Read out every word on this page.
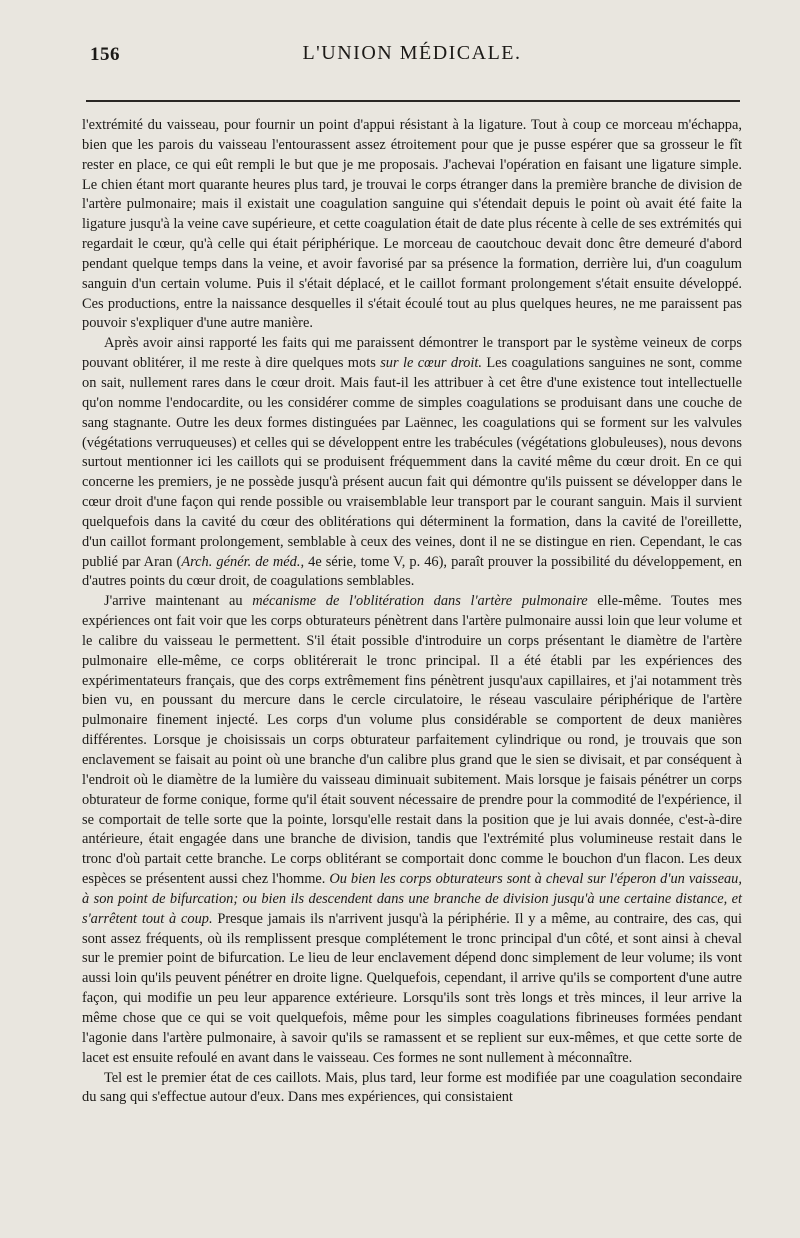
156	L'UNION MÉDICALE.

l'extrémité du vaisseau, pour fournir un point d'appui résistant à la ligature. Tout à coup ce morceau m'échappa, bien que les parois du vaisseau l'entourassent assez étroitement pour que je pusse espérer que sa grosseur le fît rester en place, ce qui eût rempli le but que je me proposais. J'achevai l'opération en faisant une ligature simple. Le chien étant mort quarante heures plus tard, je trouvai le corps étranger dans la première branche de division de l'artère pulmonaire; mais il existait une coagulation sanguine qui s'étendait depuis le point où avait été faite la ligature jusqu'à la veine cave supérieure, et cette coagulation était de date plus récente à celle de ses extrémités qui regardait le cœur, qu'à celle qui était périphérique. Le morceau de caoutchouc devait donc être demeuré d'abord pendant quelque temps dans la veine, et avoir favorisé par sa présence la formation, derrière lui, d'un coagulum sanguin d'un certain volume. Puis il s'était déplacé, et le caillot formant prolongement s'était ensuite développé. Ces productions, entre la naissance desquelles il s'était écoulé tout au plus quelques heures, ne me paraissent pas pouvoir s'expliquer d'une autre manière.

Après avoir ainsi rapporté les faits qui me paraissent démontrer le transport par le système veineux de corps pouvant oblitérer, il me reste à dire quelques mots sur le cœur droit. Les coagulations sanguines ne sont, comme on sait, nullement rares dans le cœur droit. Mais faut-il les attribuer à cet être d'une existence tout intellectuelle qu'on nomme l'endocardite, ou les considérer comme de simples coagulations se produisant dans une couche de sang stagnante. Outre les deux formes distinguées par Laënnec, les coagulations qui se forment sur les valvules (végétations verruqueuses) et celles qui se développent entre les trabécules (végétations globuleuses), nous devons surtout mentionner ici les caillots qui se produisent fréquemment dans la cavité même du cœur droit. En ce qui concerne les premiers, je ne possède jusqu'à présent aucun fait qui démontre qu'ils puissent se développer dans le cœur droit d'une façon qui rende possible ou vraisemblable leur transport par le courant sanguin. Mais il survient quelquefois dans la cavité du cœur des oblitérations qui déterminent la formation, dans la cavité de l'oreillette, d'un caillot formant prolongement, semblable à ceux des veines, dont il ne se distingue en rien. Cependant, le cas publié par Aran (Arch. génér. de méd., 4e série, tome V, p. 46), paraît prouver la possibilité du développement, en d'autres points du cœur droit, de coagulations semblables.

J'arrive maintenant au mécanisme de l'oblitération dans l'artère pulmonaire elle-même. Toutes mes expériences ont fait voir que les corps obturateurs pénètrent dans l'artère pulmonaire aussi loin que leur volume et le calibre du vaisseau le permettent. S'il était possible d'introduire un corps présentant le diamètre de l'artère pulmonaire elle-même, ce corps oblitérerait le tronc principal. Il a été établi par les expériences des expérimentateurs français, que des corps extrêmement fins pénètrent jusqu'aux capillaires, et j'ai notamment très bien vu, en poussant du mercure dans le cercle circulatoire, le réseau vasculaire périphérique de l'artère pulmonaire finement injecté. Les corps d'un volume plus considérable se comportent de deux manières différentes. Lorsque je choisissais un corps obturateur parfaitement cylindrique ou rond, je trouvais que son enclavement se faisait au point où une branche d'un calibre plus grand que le sien se divisait, et par conséquent à l'endroit où le diamètre de la lumière du vaisseau diminuait subitement. Mais lorsque je faisais pénétrer un corps obturateur de forme conique, forme qu'il était souvent nécessaire de prendre pour la commodité de l'expérience, il se comportait de telle sorte que la pointe, lorsqu'elle restait dans la position que je lui avais donnée, c'est-à-dire antérieure, était engagée dans une branche de division, tandis que l'extrémité plus volumineuse restait dans le tronc d'où partait cette branche. Le corps oblitérant se comportait donc comme le bouchon d'un flacon. Les deux espèces se présentent aussi chez l'homme. Ou bien les corps obturateurs sont à cheval sur l'éperon d'un vaisseau, à son point de bifurcation; ou bien ils descendent dans une branche de division jusqu'à une certaine distance, et s'arrêtent tout à coup. Presque jamais ils n'arrivent jusqu'à la périphérie. Il y a même, au contraire, des cas, qui sont assez fréquents, où ils remplissent presque complétement le tronc principal d'un côté, et sont ainsi à cheval sur le premier point de bifurcation. Le lieu de leur enclavement dépend donc simplement de leur volume; ils vont aussi loin qu'ils peuvent pénétrer en droite ligne. Quelquefois, cependant, il arrive qu'ils se comportent d'une autre façon, qui modifie un peu leur apparence extérieure. Lorsqu'ils sont très longs et très minces, il leur arrive la même chose que ce qui se voit quelquefois, même pour les simples coagulations fibrineuses formées pendant l'agonie dans l'artère pulmonaire, à savoir qu'ils se ramassent et se replient sur eux-mêmes, et que cette sorte de lacet est ensuite refoulé en avant dans le vaisseau. Ces formes ne sont nullement à méconnaître.

Tel est le premier état de ces caillots. Mais, plus tard, leur forme est modifiée par une coagulation secondaire du sang qui s'effectue autour d'eux. Dans mes expériences, qui consistaient
